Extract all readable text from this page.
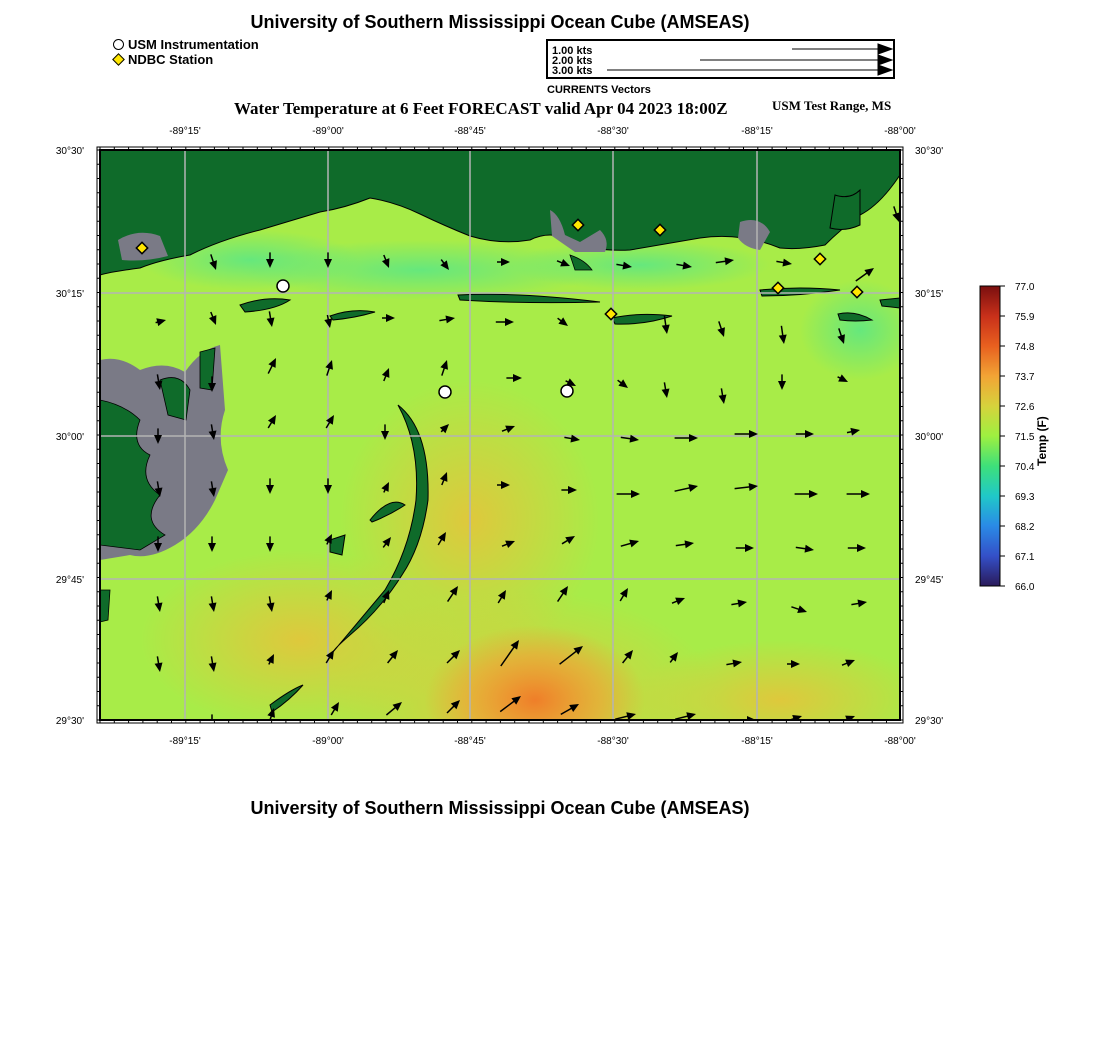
University of Southern Mississippi Ocean Cube (AMSEAS)
USM Instrumentation
NDBC Station
1.00 kts
2.00 kts
3.00 kts
CURRENTS Vectors
Water Temperature at 6 Feet FORECAST valid Apr 04 2023 18:00Z	USM Test Range, MS
-89°15'	-89°00'	-88°45'	-88°30'	-88°15'	-88°00'
-89°15'	-89°00'	-88°45'	-88°30'	-88°15'	-88°00'
30°30'
30°15'
30°00'
29°45'
29°30'
30°30'
30°15'
30°00'
29°45'
29°30'
77.0
75.9
74.8
73.7
72.6
71.5
70.4
69.3
68.2
67.1
66.0
Temp (F)
University of Southern Mississippi Ocean Cube (AMSEAS)
